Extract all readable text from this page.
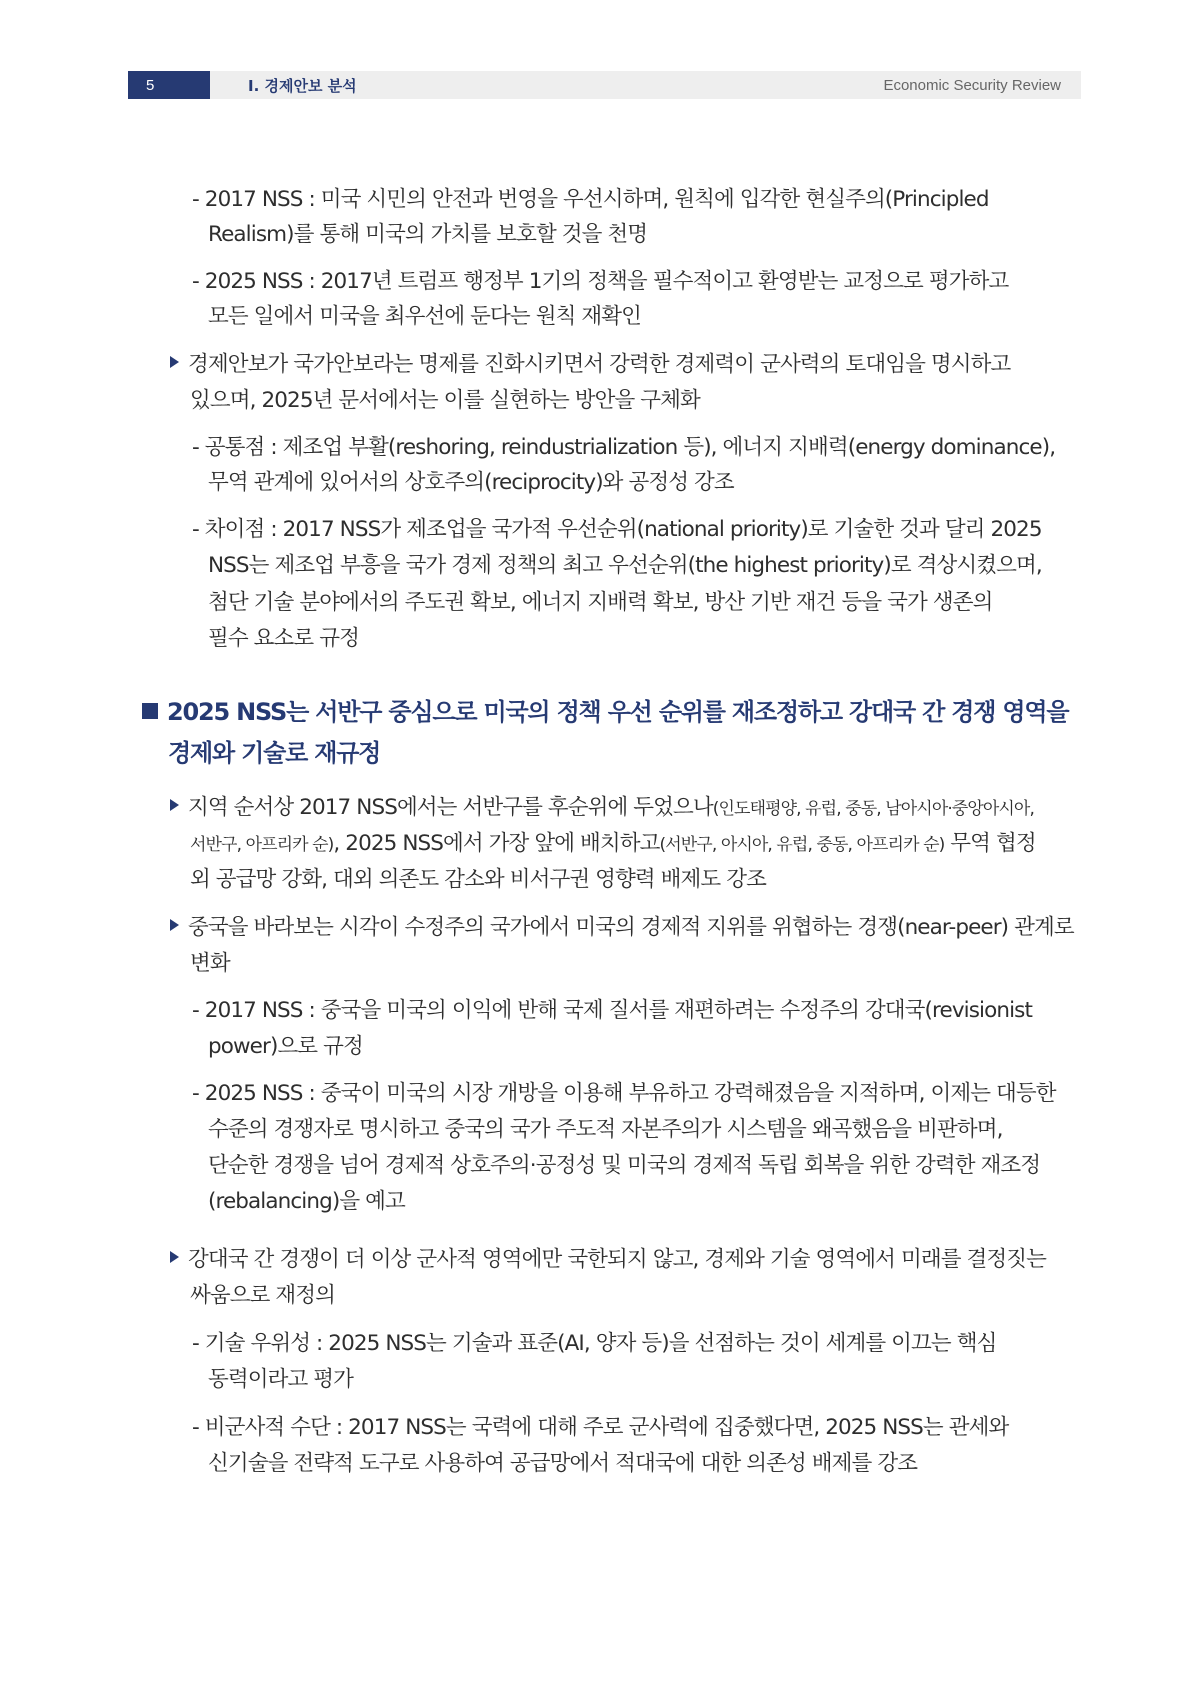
5	Ⅰ. 경제안보 분석	Economic Security Review
- 2017 NSS : 미국 시민의 안전과 번영을 우선시하며, 원칙에 입각한 현실주의(Principled
Realism)를 통해 미국의 가치를 보호할 것을 천명
- 2025 NSS : 2017년 트럼프 행정부 1기의 정책을 필수적이고 환영받는 교정으로 평가하고
모든 일에서 미국을 최우선에 둔다는 원칙 재확인
경제안보가 국가안보라는 명제를 진화시키면서 강력한 경제력이 군사력의 토대임을 명시하고
있으며, 2025년 문서에서는 이를 실현하는 방안을 구체화
- 공통점 : 제조업 부활(reshoring, reindustrialization 등), 에너지 지배력(energy dominance),
무역 관계에 있어서의 상호주의(reciprocity)와 공정성 강조
- 차이점 : 2017 NSS가 제조업을 국가적 우선순위(national priority)로 기술한 것과 달리 2025
NSS는 제조업 부흥을 국가 경제 정책의 최고 우선순위(the highest priority)로 격상시켰으며,
첨단 기술 분야에서의 주도권 확보, 에너지 지배력 확보, 방산 기반 재건 등을 국가 생존의
필수 요소로 규정
2025 NSS는 서반구 중심으로 미국의 정책 우선 순위를 재조정하고 강대국 간 경쟁 영역을
경제와 기술로 재규정
지역 순서상 2017 NSS에서는 서반구를 후순위에 두었으나(인도태평양, 유럽, 중동, 남아시아·중앙아시아,
서반구, 아프리카 순), 2025 NSS에서 가장 앞에 배치하고(서반구, 아시아, 유럽, 중동, 아프리카 순) 무역 협정
외 공급망 강화, 대외 의존도 감소와 비서구권 영향력 배제도 강조
중국을 바라보는 시각이 수정주의 국가에서 미국의 경제적 지위를 위협하는 경쟁(near-peer) 관계로
변화
- 2017 NSS : 중국을 미국의 이익에 반해 국제 질서를 재편하려는 수정주의 강대국(revisionist
power)으로 규정
- 2025 NSS : 중국이 미국의 시장 개방을 이용해 부유하고 강력해졌음을 지적하며, 이제는 대등한
수준의 경쟁자로 명시하고 중국의 국가 주도적 자본주의가 시스템을 왜곡했음을 비판하며,
단순한 경쟁을 넘어 경제적 상호주의·공정성 및 미국의 경제적 독립 회복을 위한 강력한 재조정
(rebalancing)을 예고
강대국 간 경쟁이 더 이상 군사적 영역에만 국한되지 않고, 경제와 기술 영역에서 미래를 결정짓는
싸움으로 재정의
- 기술 우위성 : 2025 NSS는 기술과 표준(AI, 양자 등)을 선점하는 것이 세계를 이끄는 핵심
동력이라고 평가
- 비군사적 수단 : 2017 NSS는 국력에 대해 주로 군사력에 집중했다면, 2025 NSS는 관세와
신기술을 전략적 도구로 사용하여 공급망에서 적대국에 대한 의존성 배제를 강조
